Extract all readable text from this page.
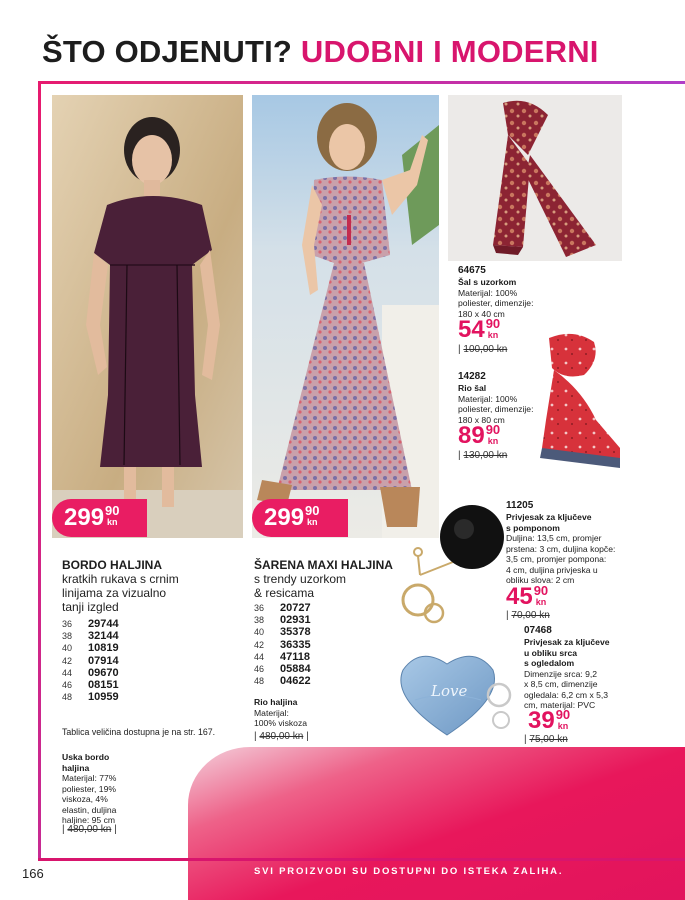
ŠTO ODJENUTI? UDOBNI I MODERNI
299 90
kn	299 90
kn
64675
Šal s uzorkom
Materijal: 100%
poliester, dimenzije:
180 x 40 cm
54 90
kn
| 100,00 kn
14282
Rio šal
Materijal: 100%
poliester, dimenzije:
180 x 80 cm
89 90
kn
| 130,00 kn
11205
Privjesak za ključeve
s pomponom
Duljina: 13,5 cm, promjer
prstena: 3 cm, duljina kopče:
3,5 cm, promjer pompona:
4 cm, duljina privjeska u
obliku slova: 2 cm
45 90
kn
| 70,00 kn
Love
07468
Privjesak za ključeve
u obliku srca
s ogledalom
Dimenzije srca: 9,2
x 8,5 cm, dimenzije
ogledala: 6,2 cm x 5,3
cm, materijal: PVC
39 90
kn
| 75,00 kn
BORDO HALJINA
kratkih rukava s crnim
linijama za vizualno
tanji izgled
36	29744
38	32144
40	10819
42	07914
44	09670
46	08151
48	10959
Tablica veličina dostupna je na str. 167.
Uska bordo
haljina
Materijal: 77%
poliester, 19%
viskoza, 4%
elastin, duljina
haljine: 95 cm
| 480,00 kn |
ŠARENA MAXI HALJINA
s trendy uzorkom
& resicama
36	20727
38	02931
40	35378
42	36335
44	47118
46	05884
48	04622
Rio haljina
Materijal:
100% viskoza
| 480,00 kn |
166	SVI PROIZVODI SU DOSTUPNI DO ISTEKA ZALIHA.
